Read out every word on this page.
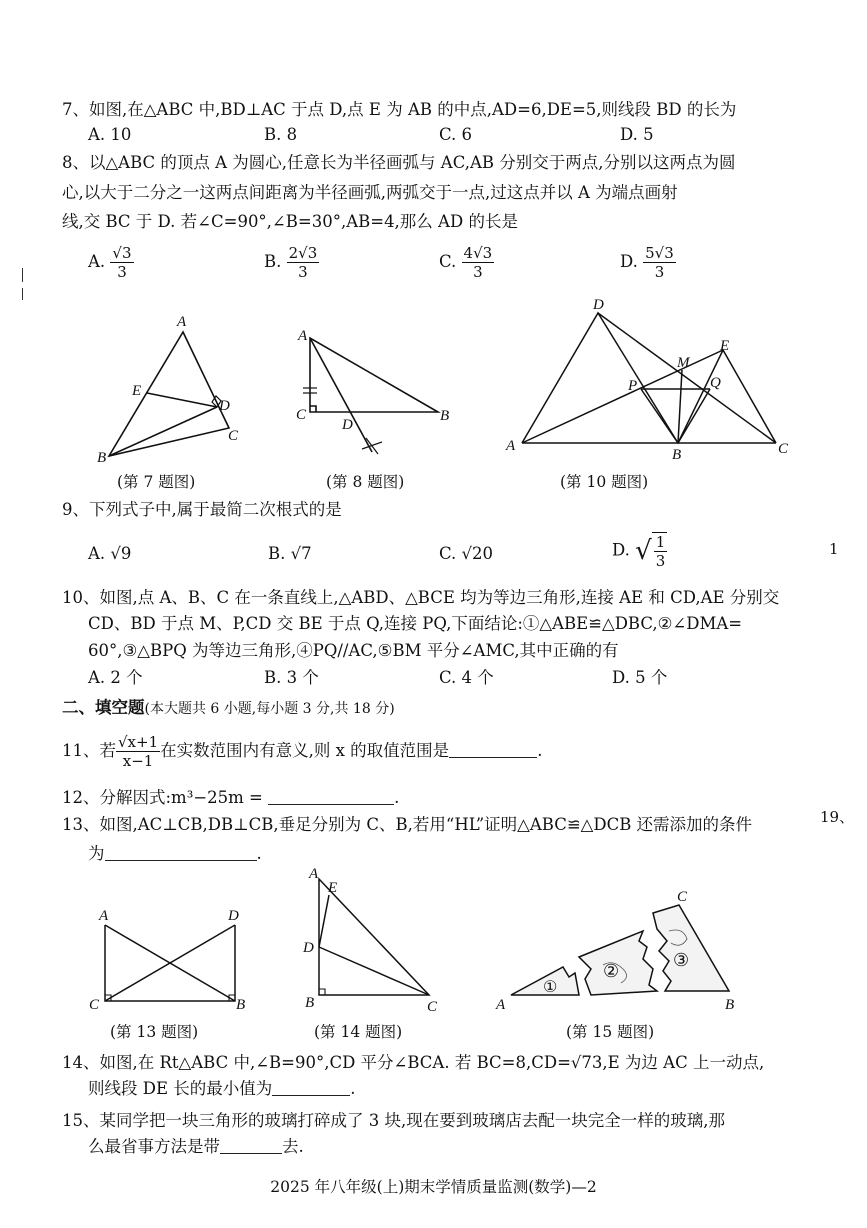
7、如图,在△ABC 中,BD⊥AC 于点 D,点 E 为 AB 的中点,AD=6,DE=5,则线段 BD 的长为
A. 10	B. 8	C. 6	D. 5
8、以△ABC 的顶点 A 为圆心,任意长为半径画弧与 AC,AB 分别交于两点,分别以这两点为圆
心,以大于二分之一这两点间距离为半径画弧,两弧交于一点,过这点并以 A 为端点画射
线,交 BC 于 D. 若∠C=90°,∠B=30°,AB=4,那么 AD 的长是
A. $\frac{√3}{3}$	B. $\frac{2√3}{3}$	C. $\frac{4√3}{3}$	D. $\frac{5√3}{3}$
A
B
C
D
E
(第 7 题图)
A
B
C
D
(第 8 题图)
A
B	C
D
E
M
P	Q
(第 10 题图)
9、下列式子中,属于最简二次根式的是
A. √9	B. √7	C. √20	D. √ $\frac{1}{3}$	1
10、如图,点 A、B、C 在一条直线上,△ABD、△BCE 均为等边三角形,连接 AE 和 CD,AE 分别交
CD、BD 于点 M、P,CD 交 BE 于点 Q,连接 PQ,下面结论:①△ABE≌△DBC,②∠DMA=
60°,③△BPQ 为等边三角形,④PQ//AC,⑤BM 平分∠AMC,其中正确的有
A. 2 个	B. 3 个	C. 4 个	D. 5 个
二、填空题(本大题共 6 小题,每小题 3 分,共 18 分)
11、若 $\frac{√x+1}{x-1}$ 在实数范围内有意义,则 x 的取值范围是	.
12、分解因式:m³−25m =	.
13、如图,AC⊥CB,DB⊥CB,垂足分别为 C、B,若用“HL”证明△ABC≌△DCB 还需添加的条件
为	.
19、
A
B
C
D
(第 13 题图)
A
B	C
D
E
(第 14 题图)
A	B
C
①
②
③
(第 15 题图)
14、如图,在 Rt△ABC 中,∠B=90°,CD 平分∠BCA. 若 BC=8,CD=√73,E 为边 AC 上一动点,
则线段 DE 长的最小值为	.
15、某同学把一块三角形的玻璃打碎成了 3 块,现在要到玻璃店去配一块完全一样的玻璃,那
么最省事方法是带	去.
2025 年八年级(上)期末学情质量监测(数学)—2
